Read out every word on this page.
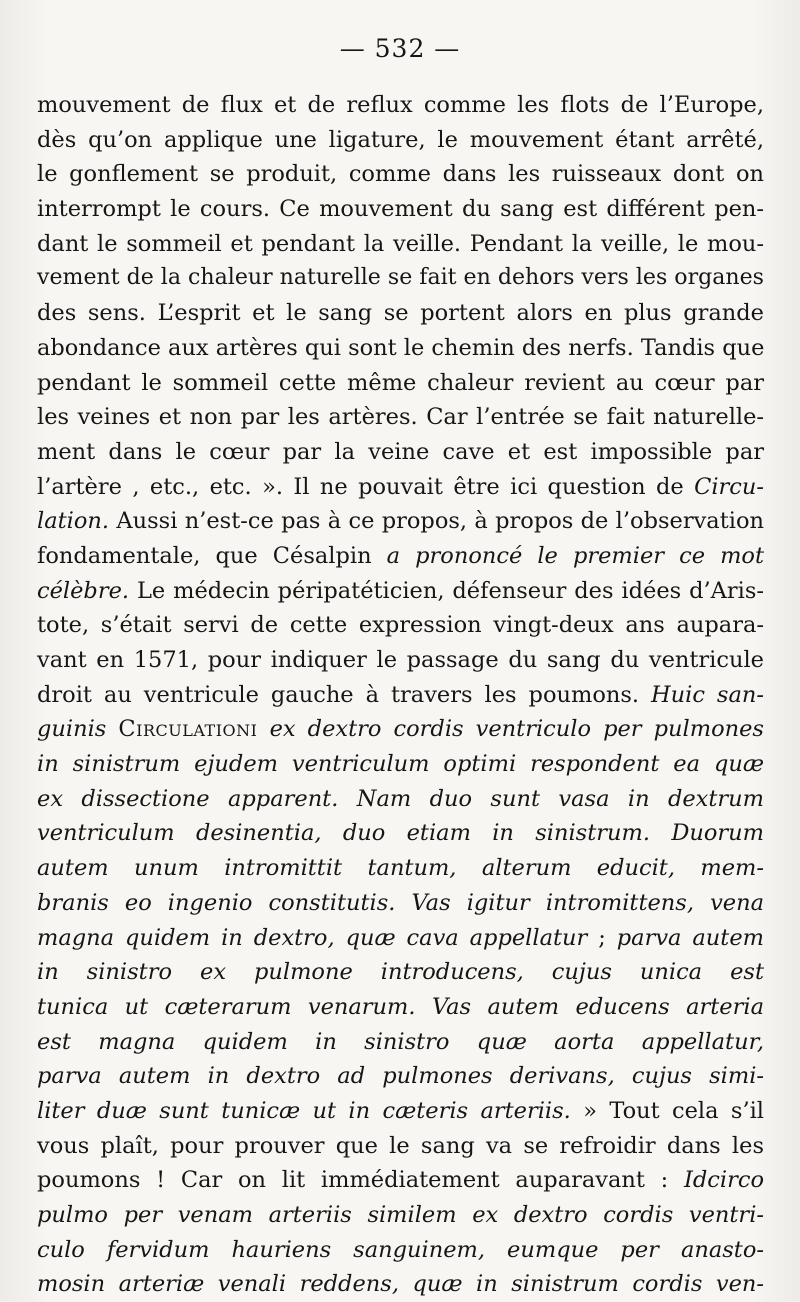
— 532 —
mouvement de flux et de reflux comme les flots de l’Europe,
dès qu’on applique une ligature, le mouvement étant arrêté,
le gonflement se produit, comme dans les ruisseaux dont on
interrompt le cours. Ce mouvement du sang est différent pen-
dant le sommeil et pendant la veille. Pendant la veille, le mou-
vement de la chaleur naturelle se fait en dehors vers les organes
des sens. L’esprit et le sang se portent alors en plus grande
abondance aux artères qui sont le chemin des nerfs. Tandis que
pendant le sommeil cette même chaleur revient au cœur par
les veines et non par les artères. Car l’entrée se fait naturelle-
ment dans le cœur par la veine cave et est impossible par
l’artère , etc., etc. ». Il ne pouvait être ici question de Circu-
lation. Aussi n’est-ce pas à ce propos, à propos de l’observation
fondamentale, que Césalpin a prononcé le premier ce mot
célèbre. Le médecin péripatéticien, défenseur des idées d’Aris-
tote, s’était servi de cette expression vingt-deux ans aupara-
vant en 1571, pour indiquer le passage du sang du ventricule
droit au ventricule gauche à travers les poumons. Huic san-
guinis Circulationi ex dextro cordis ventriculo per pulmones
in sinistrum ejudem ventriculum optimi respondent ea quæ
ex dissectione apparent. Nam duo sunt vasa in dextrum
ventriculum desinentia, duo etiam in sinistrum. Duorum
autem unum intromittit tantum, alterum educit, mem-
branis eo ingenio constitutis. Vas igitur intromittens, vena
magna quidem in dextro, quæ cava appellatur ; parva autem
in sinistro ex pulmone introducens, cujus unica est
tunica ut cæterarum venarum. Vas autem educens arteria
est magna quidem in sinistro quæ aorta appellatur,
parva autem in dextro ad pulmones derivans, cujus simi-
liter duæ sunt tunicæ ut in cæteris arteriis. » Tout cela s’il
vous plaît, pour prouver que le sang va se refroidir dans les
poumons ! Car on lit immédiatement auparavant : Idcirco
pulmo per venam arteriis similem ex dextro cordis ventri-
culo fervidum hauriens sanguinem, eumque per anasto-
mosin arteriæ venali reddens, quæ in sinistrum cordis ven-
